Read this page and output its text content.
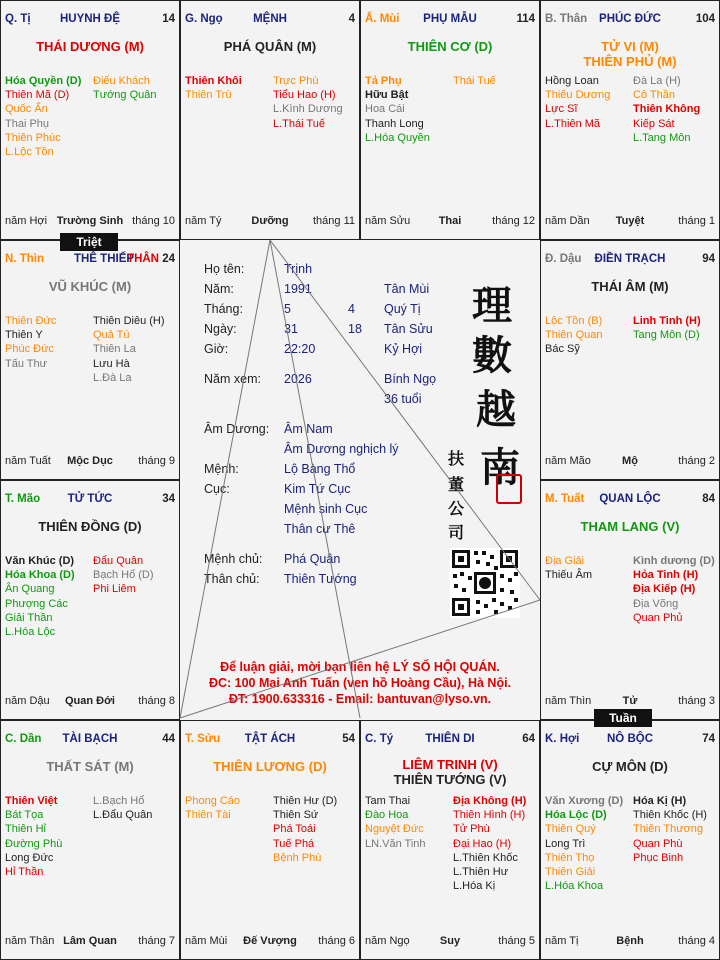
Q. Tị	HUYNH ĐỆ	14
THÁI DƯƠNG (M)
Hóa Quyền (D)
Thiên Mã (D)
Quốc Ấn
Thai Phụ
Thiên Phúc
L.Lộc Tồn
Điếu Khách
Tướng Quân
năm Hợi Trường Sinh tháng 10
G. Ngọ	MỆNH	4
PHÁ QUÂN (M)
Thiên Khôi
Thiên Trù
Trực Phù
Tiểu Hao (H)
L.Kình Dương
L.Thái Tuế
năm Tý	Dưỡng	tháng 11
Ấ. Mùi	PHỤ MẪU	114
THIÊN CƠ (D)
Tả Phụ
Hữu Bật
Hoa Cái
Thanh Long
L.Hóa Quyền
Thái Tuế
năm Sửu	Thai	tháng 12
B. Thân	PHÚC ĐỨC	104
TỬ VI (M)
THIÊN PHỦ (M)
Hồng Loan
Thiếu Dương
Lực Sĩ
L.Thiên Mã
Đà La (H)
Cô Thần
Thiên Không
Kiếp Sát
L.Tang Môn
năm Dần	Tuyệt	tháng 1
N. Thìn	THÊ THIẾP
THÂN 24
VŨ KHÚC (M)
Thiên Đức
Thiên Y
Phúc Đức
Tấu Thư
Thiên Diêu (H)
Quả Tú
Thiên La
Lưu Hà
L.Đà La
năm Tuất	Mộc Dục	tháng 9
Đ. Dậu	ĐIỀN TRẠCH	94
THÁI ÂM (M)
Lộc Tồn (B)
Thiên Quan
Bác Sỹ
Linh Tinh (H)
Tang Môn (D)
năm Mão	Mộ	tháng 2
T. Mão	TỬ TỨC	34
THIÊN ĐỒNG (D)
Văn Khúc (D)
Hóa Khoa (D)
Ân Quang
Phượng Các
Giải Thần
L.Hóa Lộc
Đẩu Quân
Bạch Hổ (D)
Phi Liêm
năm Dậu	Quan Đới	tháng 8
M. Tuất	QUAN LỘC	84
THAM LANG (V)
Địa Giải
Thiếu Âm
Kình dương (D)
Hỏa Tinh (H)
Địa Kiếp (H)
Địa Võng
Quan Phủ
năm Thìn	Tử	tháng 3
C. Dần	TÀI BẠCH	44
THẤT SÁT (M)
Thiên Việt
Bát Tọa
Thiên Hỉ
Đường Phù
Long Đức
Hỉ Thần
L.Bạch Hổ
L.Đẩu Quân
năm Thân Lâm Quan	tháng 7
T. Sửu	TẬT ÁCH	54
THIÊN LƯƠNG (D)
Phong Cáo
Thiên Tài
Thiên Hư (D)
Thiên Sứ
Phá Toái
Tuế Phá
Bệnh Phù
năm Mùi	Đế Vượng	tháng 6
C. Tý	THIÊN DI	64
LIÊM TRINH (V)
THIÊN TƯỚNG (V)
Tam Thai
Đào Hoa
Nguyệt Đức
LN.Văn Tinh
Địa Không (H)
Thiên Hình (H)
Tử Phù
Đại Hao (H)
L.Thiên Khốc
L.Thiên Hư
L.Hóa Kị
năm Ngọ	Suy	tháng 5
K. Hợi	NÔ BỘC	74
CỰ MÔN (D)
Văn Xương (D)
Hóa Lộc (D)
Thiên Quý
Long Trì
Thiên Thọ
Thiên Giải
L.Hóa Khoa
Hóa Kị (H)
Thiên Khốc (H)
Thiên Thương
Quan Phù
Phục Binh
năm Tị	Bệnh	tháng 4
Họ tên:	Trịnh
Năm:	1991	Tân Mùi
Tháng:	5	4 Quý Tị
Ngày:	31	18 Tân Sửu
Giờ:	22:20	Kỷ Hợi
Năm xem: 2026	Bính Ngọ
36 tuổi
Âm Dương: Âm Nam
Âm Dương nghịch lý
Mệnh:	Lộ Bàng Thổ
Cục:	Kim Tứ Cục
Mệnh sinh Cục
Thân cư Thê
Mệnh chủ: Phá Quân
Thân chủ: Thiên Tướng
理
數
越
南
扶
董
公
司
Để luận giải, mời bạn liên hệ LÝ SỐ HỘI QUÁN.
ĐC: 100 Mai Anh Tuấn (ven hồ Hoàng Cầu), Hà Nội.
ĐT: 1900.633316 - Email: bantuvan@lyso.vn.
Triệt
Tuần
